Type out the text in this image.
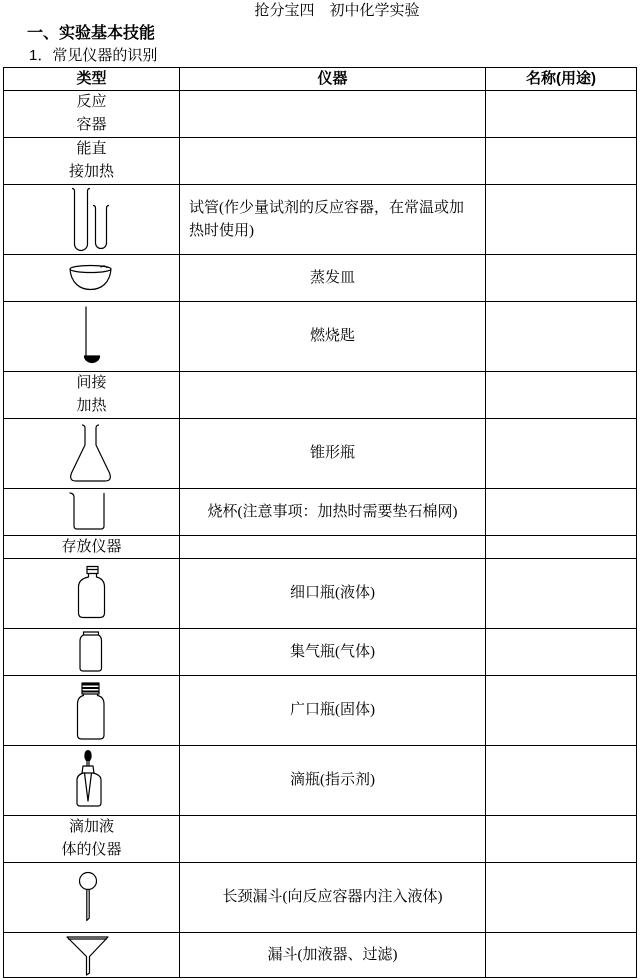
抢分宝四　初中化学实验
一、实验基本技能
1．常见仪器的识别
类型	仪器	名称(用途)
反应
容器
能直
接加热
试管(作少量试剂的反应容器，在常温或加
热时使用)
蒸发皿
燃烧匙
间接
加热
锥形瓶
烧杯(注意事项：加热时需要垫石棉网)
存放仪器
细口瓶(液体)
集气瓶(气体)
广口瓶(固体)
滴瓶(指示剂)
滴加液
体的仪器
长颈漏斗(向反应容器内注入液体)
漏斗(加液器、过滤)
